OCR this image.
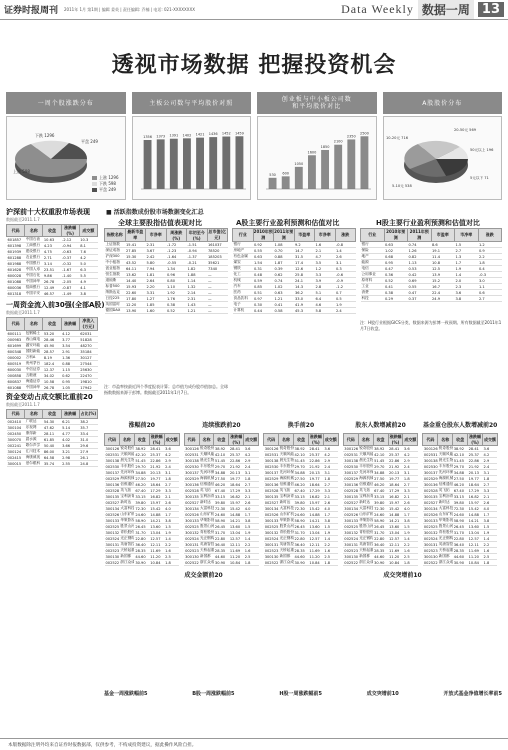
证券时报周刊 2011年 1月 第1期 | 编辑 姜英 | 责任编辑: 乔楠 | 电话: 021-XXXXXXXX	Data Weekly 数据一周 13
透视市场数据 把握投资机会
一周个股涨跌分布	主板公司数与平均股价对照	创业板与中小板公司数
和平均股价对比	A股股价分布
下跌 1296
上涨 598
平盘 249
上涨 1296
下跌 598
平盘 249
1356 1373 1391 1402 1421 1436 1452 1459
530 600
1050
1600
1850
2100
2350
2500
5元以下 71
5-10元 538
10-20元 716
20-50元 569
50元以上 196
沪深前十大权重股市场表现
数据截至2011.1.7
代码	名称	收盘	涨跌幅(%)	成交额
601857	中国石油	10.63	-2.12	10.3
601398	工商银行	4.23	-0.94	8.1
601939	建设银行	4.75	-0.63	7.6
601288	农业银行	2.71	-0.37	4.2
601988	中国银行	3.14	-0.32	5.0
601628	中国人寿	23.51	-1.67	6.3
600028	中国石化	9.86	-1.40	5.5
601088	中国神华	26.78	-2.05	4.9
600036	招商银行	12.49	-0.87	4.1
601318	中国平安	46.57	-1.49	3.8
一周资金流入前30强(全部A股)
数据截至2011.1.7
代码	名称	收盘	涨跌幅	净流入(万元)
600111	包钢稀土	53.20	4.12	62031
000983	西山煤电	28.46	3.77	51828
601699	潞安环能	45.90	3.54	48270
600348	国阳新能	28.57	2.91	35184
000002	万科A	8.19	1.36	30127
600519	贵州茅台	182.4	0.88	27544
600030	中信证券	12.37	1.15	25630
000858	五粮液	34.02	0.62	22470
600837	海通证券	10.58	0.95	19810
601088	中国神华	26.78	1.05	17942
资金变动占成交额比重前20
数据截至2011.1.7
代码	名称	收盘	涨跌幅	占比(%)
002410	广联达	54.30	6.21	38.2
300104	乐视网	47.62	5.14	35.7
002450	康得新	28.11	4.77	33.4
300070	碧水源	61.85	4.02	31.0
002241	歌尔声学	50.40	3.66	29.6
300124	汇川技术	86.00	3.21	27.9
002415	海康威视	64.58	2.98	26.1
300015	爱尔眼科	35.74	2.55	24.8
■ 活跃指数成份股市场数据变化汇总
全球主要股指估值表现对比
指数名称	最新市盈率	市净率	周涨跌(%)	年初至今(%)	总市值(亿元)
上证指数	15.41	2.31	-1.72	-1.51	161037
深证成指	27.85	3.67	-1.23	-0.94	78520
沪深300	15.30	2.42	-1.64	-1.37	185203
中小板指	43.52	5.80	-0.55	-0.21	35621
创业板指	64.11	7.94	1.34	1.82	7340
恒生指数	13.62	1.81	0.96	1.88	—
道琼斯	14.40	2.64	0.80	1.14	—
标普500	15.93	2.20	1.10	1.32	—
纳斯达克	22.60	3.31	1.92	2.14	—
日经225	17.80	1.27	1.76	2.31	—
英国富时	12.20	1.85	0.38	1.43	—
德国DAX	13.90	1.60	0.52	1.21	—
注：市盈率按最近四个季度报表计算；总市值为成份股市值加总。全球指数数据来源于彭博。数据截至2011年1月7日。
A股主要行业盈利预测和估值对比
行业	2010年预测	2011年预测	市盈率	市净率	涨跌
银行	0.92	1.08	9.2	1.6	-0.8
房地产	0.55	0.70	14.7	2.1	1.4
有色金属	0.63	0.88	31.5	4.7	2.6
煤炭	1.54	1.87	17.4	3.5	3.1
钢铁	0.31	0.39	12.6	1.2	0.3
化工	0.48	0.62	25.8	3.3	-0.6
机械	0.59	0.74	24.1	3.9	-0.9
汽车	0.85	1.02	14.3	2.8	-1.2
医药	0.51	0.63	36.2	5.1	0.7
食品饮料	0.97	1.21	33.0	6.4	0.5
电子	0.30	0.41	41.9	4.6	1.9
计算机	0.44	0.58	45.3	5.8	2.4
H股主要行业盈利预测和估值对比
行业	2010年预测	2011年预测	市盈率	市净率	涨跌
银行	0.63	0.74	8.6	1.5	1.2
保险	1.02	1.26	19.1	2.7	0.9
地产	0.68	0.82	11.4	1.3	2.2
能源	0.95	1.13	10.8	1.7	1.8
电信	0.47	0.53	12.5	1.9	0.4
公用事业	0.36	0.42	13.9	1.4	-0.3
原材料	0.52	0.69	15.2	2.0	3.0
工业	0.41	0.55	16.7	2.3	1.1
消费	0.38	0.47	22.4	3.6	0.6
科技	0.29	0.37	24.9	3.8	2.7
注：H股行业根据GICS分类，数据来源为彭博一致预期。所有数据截至2011年1月7日收盘。
涨幅前20
代码	名称	收盘	涨跌幅(%)	成交额
300126	锐奇股份	38.92	28.41	3.6
002531	天顺风能	42.10	25.37	4.2
300138	晨光生物	51.45	22.86	2.9
002530	丰东股份	29.70	21.92	2.4
300137	先河环保	34.88	20.13	3.1
002529	海源机械	27.50	19.77	1.8
300136	信维通信	46.20	18.64	2.7
002528	英飞拓	67.40	17.29	3.3
300135	宝利沥青	33.15	16.82	2.1
002527	新时达	39.80	15.97	2.6
300134	大富科技	72.30	15.42	4.0
002526	山东矿机	24.60	14.88	1.7
300133	华策影视	58.90	14.21	3.8
002525	胜景山河	26.45	13.60	1.5
300132	青松股份	31.70	13.04	1.9
002524	光正钢构	22.80	12.57	1.4
300131	英唐智控	36.40	12.11	2.2
002523	天桥起重	28.35	11.69	1.6
300130	新国都	44.60	11.20	2.5
002522	浙江众成	30.90	10.84	1.8
连续涨跌前20
代码	名称	收盘	涨跌幅(%)	成交额
300126	锐奇股份	38.92	28.41	3.6
002531	天顺风能	42.10	25.37	4.2
300138	晨光生物	51.45	22.86	2.9
002530	丰东股份	29.70	21.92	2.4
300137	先河环保	34.88	20.13	3.1
002529	海源机械	27.50	19.77	1.8
300136	信维通信	46.20	18.64	2.7
002528	英飞拓	67.40	17.29	3.3
300135	宝利沥青	33.15	16.82	2.1
002527	新时达	39.80	15.97	2.6
300134	大富科技	72.30	15.42	4.0
002526	山东矿机	24.60	14.88	1.7
300133	华策影视	58.90	14.21	3.8
002525	胜景山河	26.45	13.60	1.5
300132	青松股份	31.70	13.04	1.9
002524	光正钢构	22.80	12.57	1.4
300131	英唐智控	36.40	12.11	2.2
002523	天桥起重	28.35	11.69	1.6
300130	新国都	44.60	11.20	2.5
002522	浙江众成	30.90	10.84	1.8
换手前20
代码	名称	收盘	涨跌幅(%)	成交额
300126	锐奇股份	38.92	28.41	3.6
002531	天顺风能	42.10	25.37	4.2
300138	晨光生物	51.45	22.86	2.9
002530	丰东股份	29.70	21.92	2.4
300137	先河环保	34.88	20.13	3.1
002529	海源机械	27.50	19.77	1.8
300136	信维通信	46.20	18.64	2.7
002528	英飞拓	67.40	17.29	3.3
300135	宝利沥青	33.15	16.82	2.1
002527	新时达	39.80	15.97	2.6
300134	大富科技	72.30	15.42	4.0
002526	山东矿机	24.60	14.88	1.7
300133	华策影视	58.90	14.21	3.8
002525	胜景山河	26.45	13.60	1.5
300132	青松股份	31.70	13.04	1.9
002524	光正钢构	22.80	12.57	1.4
300131	英唐智控	36.40	12.11	2.2
002523	天桥起重	28.35	11.69	1.6
300130	新国都	44.60	11.20	2.5
002522	浙江众成	30.90	10.84	1.8
股东人数增减前20
代码	名称	收盘	涨跌幅(%)	成交额
300126	锐奇股份	38.92	28.41	3.6
002531	天顺风能	42.10	25.37	4.2
300138	晨光生物	51.45	22.86	2.9
002530	丰东股份	29.70	21.92	2.4
300137	先河环保	34.88	20.13	3.1
002529	海源机械	27.50	19.77	1.8
300136	信维通信	46.20	18.64	2.7
002528	英飞拓	67.40	17.29	3.3
300135	宝利沥青	33.15	16.82	2.1
002527	新时达	39.80	15.97	2.6
300134	大富科技	72.30	15.42	4.0
002526	山东矿机	24.60	14.88	1.7
300133	华策影视	58.90	14.21	3.8
002525	胜景山河	26.45	13.60	1.5
300132	青松股份	31.70	13.04	1.9
002524	光正钢构	22.80	12.57	1.4
300131	英唐智控	36.40	12.11	2.2
002523	天桥起重	28.35	11.69	1.6
300130	新国都	44.60	11.20	2.5
002522	浙江众成	30.90	10.84	1.8
基金重仓股东人数增减前20
代码	名称	收盘	涨跌幅(%)	成交额
300126	锐奇股份	38.92	28.41	3.6
002531	天顺风能	42.10	25.37	4.2
300138	晨光生物	51.45	22.86	2.9
002530	丰东股份	29.70	21.92	2.4
300137	先河环保	34.88	20.13	3.1
002529	海源机械	27.50	19.77	1.8
300136	信维通信	46.20	18.64	2.7
002528	英飞拓	67.40	17.29	3.3
300135	宝利沥青	33.15	16.82	2.1
002527	新时达	39.80	15.97	2.6
300134	大富科技	72.30	15.42	4.0
002526	山东矿机	24.60	14.88	1.7
300133	华策影视	58.90	14.21	3.8
002525	胜景山河	26.45	13.60	1.5
300132	青松股份	31.70	13.04	1.9
002524	光正钢构	22.80	12.57	1.4
300131	英唐智控	36.40	12.11	2.2
002523	天桥起重	28.35	11.69	1.6
300130	新国都	44.60	11.20	2.5
002522	浙江众成	30.90	10.84	1.8
成交金额前20	成交突增前10
基金一周涨跌幅前5	B股一周涨跌幅前5	H股一周涨跌幅前5	成交突增前10	开放式基金净值增长率前5
本版数据除注明外均来自证券时报数据部，仅供参考，不构成投资建议，据此操作风险自担。
